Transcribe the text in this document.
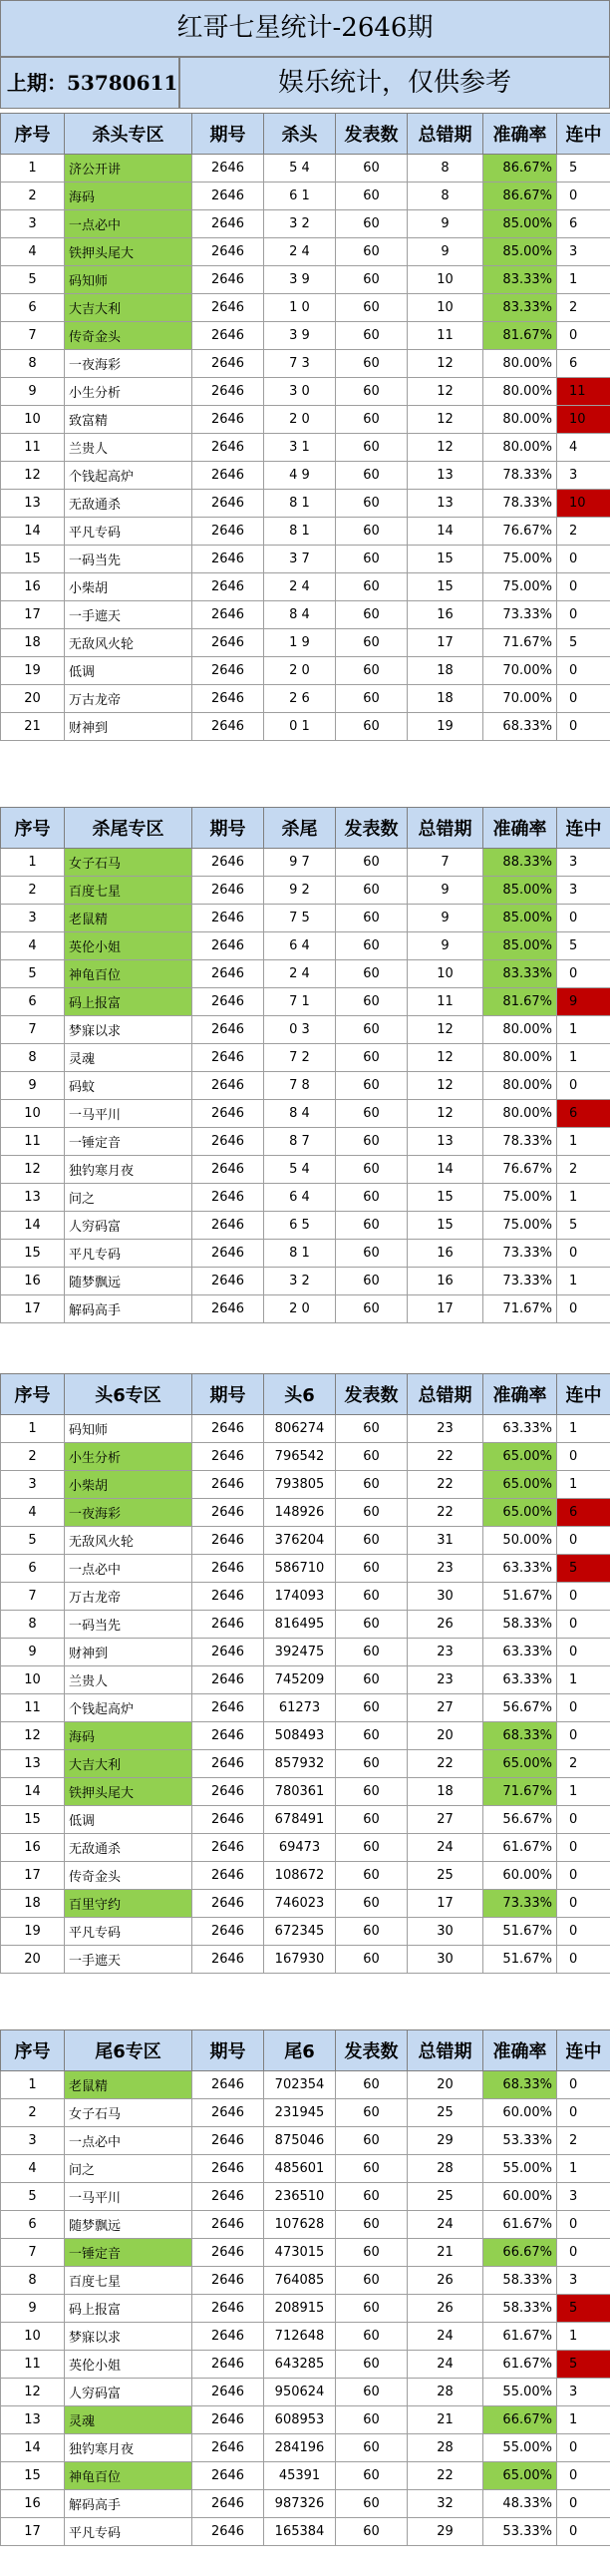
红哥七星统计-2646期
上期：53780611	娱乐统计，仅供参考
序号	杀头专区	期号	杀头	发表数	总错期	准确率	连中
1	济公开讲	2646	5 4	60	8	86.67%	5
2	海码	2646	6 1	60	8	86.67%	0
3	一点必中	2646	3 2	60	9	85.00%	6
4	铁押头尾大	2646	2 4	60	9	85.00%	3
5	码知师	2646	3 9	60	10	83.33%	1
6	大吉大利	2646	1 0	60	10	83.33%	2
7	传奇金头	2646	3 9	60	11	81.67%	0
8	一夜海彩	2646	7 3	60	12	80.00%	6
9	小生分析	2646	3 0	60	12	80.00%	11
10	致富精	2646	2 0	60	12	80.00%	10
11	兰贵人	2646	3 1	60	12	80.00%	4
12	个钱起高炉	2646	4 9	60	13	78.33%	3
13	无敌通杀	2646	8 1	60	13	78.33%	10
14	平凡专码	2646	8 1	60	14	76.67%	2
15	一码当先	2646	3 7	60	15	75.00%	0
16	小柴胡	2646	2 4	60	15	75.00%	0
17	一手遮天	2646	8 4	60	16	73.33%	0
18	无敌风火轮	2646	1 9	60	17	71.67%	5
19	低调	2646	2 0	60	18	70.00%	0
20	万古龙帝	2646	2 6	60	18	70.00%	0
21	财神到	2646	0 1	60	19	68.33%	0
序号	杀尾专区	期号	杀尾	发表数	总错期	准确率	连中
1	女子石马	2646	9 7	60	7	88.33%	3
2	百度七星	2646	9 2	60	9	85.00%	3
3	老鼠精	2646	7 5	60	9	85.00%	0
4	英伦小姐	2646	6 4	60	9	85.00%	5
5	神龟百位	2646	2 4	60	10	83.33%	0
6	码上报富	2646	7 1	60	11	81.67%	9
7	梦寐以求	2646	0 3	60	12	80.00%	1
8	灵魂	2646	7 2	60	12	80.00%	1
9	码蚊	2646	7 8	60	12	80.00%	0
10	一马平川	2646	8 4	60	12	80.00%	6
11	一锤定音	2646	8 7	60	13	78.33%	1
12	独钓寒月夜	2646	5 4	60	14	76.67%	2
13	问之	2646	6 4	60	15	75.00%	1
14	人穷码富	2646	6 5	60	15	75.00%	5
15	平凡专码	2646	8 1	60	16	73.33%	0
16	随梦飘远	2646	3 2	60	16	73.33%	1
17	解码高手	2646	2 0	60	17	71.67%	0
序号	头6专区	期号	头6	发表数	总错期	准确率	连中
1	码知师	2646	806274	60	23	63.33%	1
2	小生分析	2646	796542	60	22	65.00%	0
3	小柴胡	2646	793805	60	22	65.00%	1
4	一夜海彩	2646	148926	60	22	65.00%	6
5	无敌风火轮	2646	376204	60	31	50.00%	0
6	一点必中	2646	586710	60	23	63.33%	5
7	万古龙帝	2646	174093	60	30	51.67%	0
8	一码当先	2646	816495	60	26	58.33%	0
9	财神到	2646	392475	60	23	63.33%	0
10	兰贵人	2646	745209	60	23	63.33%	1
11	个钱起高炉	2646	61273	60	27	56.67%	0
12	海码	2646	508493	60	20	68.33%	0
13	大吉大利	2646	857932	60	22	65.00%	2
14	铁押头尾大	2646	780361	60	18	71.67%	1
15	低调	2646	678491	60	27	56.67%	0
16	无敌通杀	2646	69473	60	24	61.67%	0
17	传奇金头	2646	108672	60	25	60.00%	0
18	百里守约	2646	746023	60	17	73.33%	0
19	平凡专码	2646	672345	60	30	51.67%	0
20	一手遮天	2646	167930	60	30	51.67%	0
序号	尾6专区	期号	尾6	发表数	总错期	准确率	连中
1	老鼠精	2646	702354	60	20	68.33%	0
2	女子石马	2646	231945	60	25	60.00%	0
3	一点必中	2646	875046	60	29	53.33%	2
4	问之	2646	485601	60	28	55.00%	1
5	一马平川	2646	236510	60	25	60.00%	3
6	随梦飘远	2646	107628	60	24	61.67%	0
7	一锤定音	2646	473015	60	21	66.67%	0
8	百度七星	2646	764085	60	26	58.33%	3
9	码上报富	2646	208915	60	26	58.33%	5
10	梦寐以求	2646	712648	60	24	61.67%	1
11	英伦小姐	2646	643285	60	24	61.67%	5
12	人穷码富	2646	950624	60	28	55.00%	3
13	灵魂	2646	608953	60	21	66.67%	1
14	独钓寒月夜	2646	284196	60	28	55.00%	0
15	神龟百位	2646	45391	60	22	65.00%	0
16	解码高手	2646	987326	60	32	48.33%	0
17	平凡专码	2646	165384	60	29	53.33%	0
